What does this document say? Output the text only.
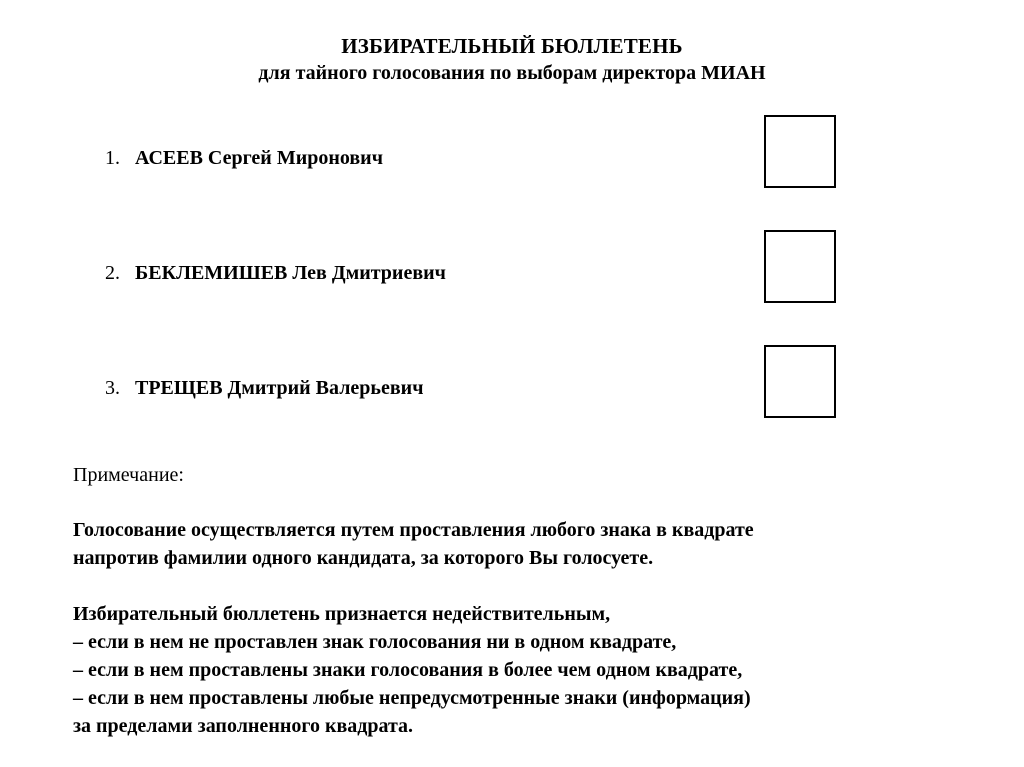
ИЗБИРАТЕЛЬНЫЙ БЮЛЛЕТЕНЬ
для тайного голосования по выборам директора МИАН
1. АСЕЕВ Сергей Миронович
2. БЕКЛЕМИШЕВ Лев Дмитриевич
3. ТРЕЩЕВ Дмитрий Валерьевич
Примечание:
Голосование осуществляется путем проставления любого знака в квадрате
напротив фамилии одного кандидата, за которого Вы голосуете.
Избирательный бюллетень признается недействительным,
– если в нем не проставлен знак голосования ни в одном квадрате,
– если в нем проставлены знаки голосования в более чем одном квадрате,
– если в нем проставлены любые непредусмотренные знаки (информация)
за пределами заполненного квадрата.
